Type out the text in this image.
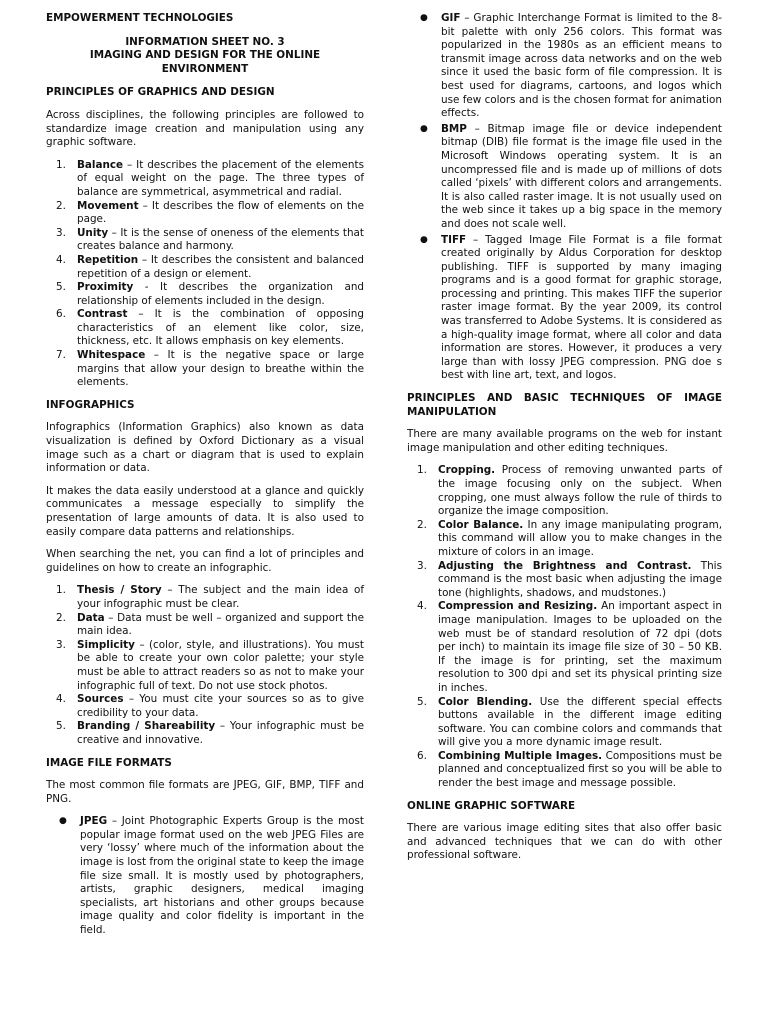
EMPOWERMENT TECHNOLOGIES
INFORMATION SHEET NO. 3
IMAGING AND DESIGN FOR THE ONLINE ENVIRONMENT
PRINCIPLES OF GRAPHICS AND DESIGN

Across disciplines, the following principles are followed to standardize image creation and manipulation using any graphic software.

1. Balance – It describes the placement of the elements of equal weight on the page. The three types of balance are symmetrical, asymmetrical and radial.
2. Movement – It describes the flow of elements on the page.
3. Unity – It is the sense of oneness of the elements that creates balance and harmony.
4. Repetition – It describes the consistent and balanced repetition of a design or element.
5. Proximity - It describes the organization and relationship of elements included in the design.
6. Contrast – It is the combination of opposing characteristics of an element like color, size, thickness, etc. It allows emphasis on key elements.
7. Whitespace – It is the negative space or large margins that allow your design to breathe within the elements.
INFOGRAPHICS

Infographics (Information Graphics) also known as data visualization is defined by Oxford Dictionary as a visual image such as a chart or diagram that is used to explain information or data.

It makes the data easily understood at a glance and quickly communicates a message especially to simplify the presentation of large amounts of data. It is also used to easily compare data patterns and relationships.

When searching the net, you can find a lot of principles and guidelines on how to create an infographic.

1. Thesis / Story – The subject and the main idea of your infographic must be clear.
2. Data – Data must be well – organized and support the main idea.
3. Simplicity – (color, style, and illustrations). You must be able to create your own color palette; your style must be able to attract readers so as not to make your infographic full of text. Do not use stock photos.
4. Sources – You must cite your sources so as to give credibility to your data.
5. Branding / Shareability – Your infographic must be creative and innovative.
IMAGE FILE FORMATS

The most common file formats are JPEG, GIF, BMP, TIFF and PNG.

● JPEG – Joint Photographic Experts Group is the most popular image format used on the web JPEG Files are very ‘lossy’ where much of the information about the image is lost from the original state to keep the image file size small. It is mostly used by photographers, artists, graphic designers, medical imaging specialists, art historians and other groups because image quality and color fidelity is important in the field.
● GIF – Graphic Interchange Format is limited to the 8-bit palette with only 256 colors. This format was popularized in the 1980s as an efficient means to transmit image across data networks and on the web since it used the basic form of file compression. It is best used for diagrams, cartoons, and logos which use few colors and is the chosen format for animation effects.
● BMP – Bitmap image file or device independent bitmap (DIB) file format is the image file used in the Microsoft Windows operating system. It is an uncompressed file and is made up of millions of dots called ‘pixels’ with different colors and arrangements. It is also called raster image. It is not usually used on the web since it takes up a big space in the memory and does not scale well.
● TIFF – Tagged Image File Format is a file format created originally by Aldus Corporation for desktop publishing. TIFF is supported by many imaging programs and is a good format for graphic storage, processing and printing. This makes TIFF the superior raster image format. By the year 2009, its control was transferred to Adobe Systems. It is considered as a high-quality image format, where all color and data information are stores. However, it produces a very large than with lossy JPEG compression. PNG doe s best with line art, text, and logos.
PRINCIPLES AND BASIC TECHNIQUES OF IMAGE MANIPULATION

There are many available programs on the web for instant image manipulation and other editing techniques.

1. Cropping. Process of removing unwanted parts of the image focusing only on the subject. When cropping, one must always follow the rule of thirds to organize the image composition.
2. Color Balance. In any image manipulating program, this command will allow you to make changes in the mixture of colors in an image.
3. Adjusting the Brightness and Contrast. This command is the most basic when adjusting the image tone (highlights, shadows, and mudstones.)
4. Compression and Resizing. An important aspect in image manipulation. Images to be uploaded on the web must be of standard resolution of 72 dpi (dots per inch) to maintain its image file size of 30 – 50 KB. If the image is for printing, set the maximum resolution to 300 dpi and set its physical printing size in inches.
5. Color Blending. Use the different special effects buttons available in the different image editing software. You can combine colors and commands that will give you a more dynamic image result.
6. Combining Multiple Images. Compositions must be planned and conceptualized first so you will be able to render the best image and message possible.
ONLINE GRAPHIC SOFTWARE

There are various image editing sites that also offer basic and advanced techniques that we can do with other professional software.
